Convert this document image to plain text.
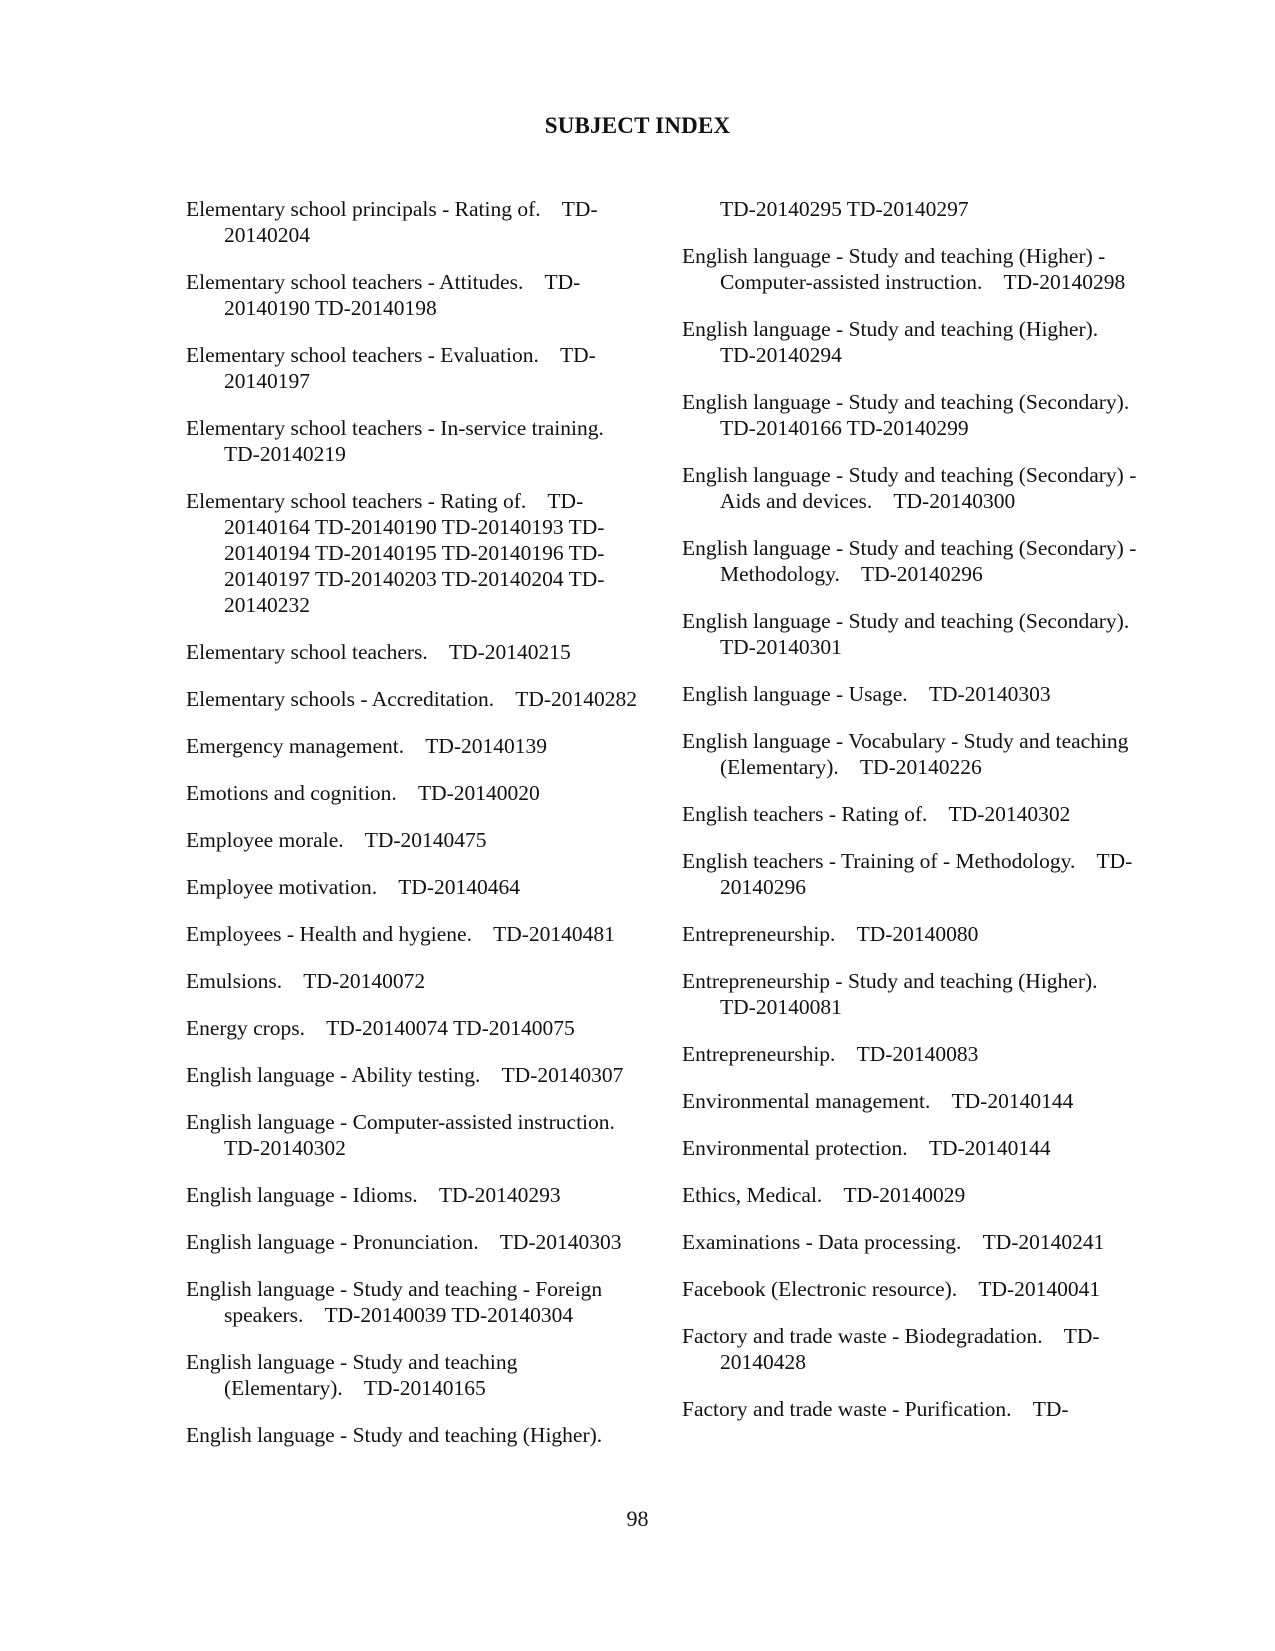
SUBJECT INDEX
Elementary school principals - Rating of. TD-20140204
Elementary school teachers - Attitudes. TD-20140190 TD-20140198
Elementary school teachers - Evaluation. TD-20140197
Elementary school teachers - In-service training.    TD-20140219
Elementary school teachers - Rating of. TD-20140164 TD-20140190 TD-20140193 TD-20140194 TD-20140195 TD-20140196 TD-20140197 TD-20140203 TD-20140204 TD-20140232
Elementary school teachers. TD-20140215
Elementary schools - Accreditation. TD-20140282
Emergency management. TD-20140139
Emotions and cognition. TD-20140020
Employee morale. TD-20140475
Employee motivation. TD-20140464
Employees - Health and hygiene. TD-20140481
Emulsions. TD-20140072
Energy crops. TD-20140074 TD-20140075
English language - Ability testing. TD-20140307
English language - Computer-assisted instruction.    TD-20140302
English language - Idioms. TD-20140293
English language - Pronunciation. TD-20140303
English language - Study and teaching - Foreign speakers. TD-20140039 TD-20140304
English language - Study and teaching (Elementary). TD-20140165
English language - Study and teaching (Higher).
TD-20140295 TD-20140297
English language - Study and teaching (Higher) - Computer-assisted instruction. TD-20140298
English language - Study and teaching (Higher).    TD-20140294
English language - Study and teaching (Secondary).    TD-20140166 TD-20140299
English language - Study and teaching (Secondary) - Aids and devices. TD-20140300
English language - Study and teaching (Secondary) - Methodology. TD-20140296
English language - Study and teaching (Secondary).    TD-20140301
English language - Usage. TD-20140303
English language - Vocabulary - Study and teaching (Elementary). TD-20140226
English teachers - Rating of. TD-20140302
English teachers - Training of - Methodology. TD-20140296
Entrepreneurship. TD-20140080
Entrepreneurship - Study and teaching (Higher).    TD-20140081
Entrepreneurship. TD-20140083
Environmental management. TD-20140144
Environmental protection. TD-20140144
Ethics, Medical. TD-20140029
Examinations - Data processing. TD-20140241
Facebook (Electronic resource). TD-20140041
Factory and trade waste - Biodegradation. TD-20140428
Factory and trade waste - Purification. TD-
98
